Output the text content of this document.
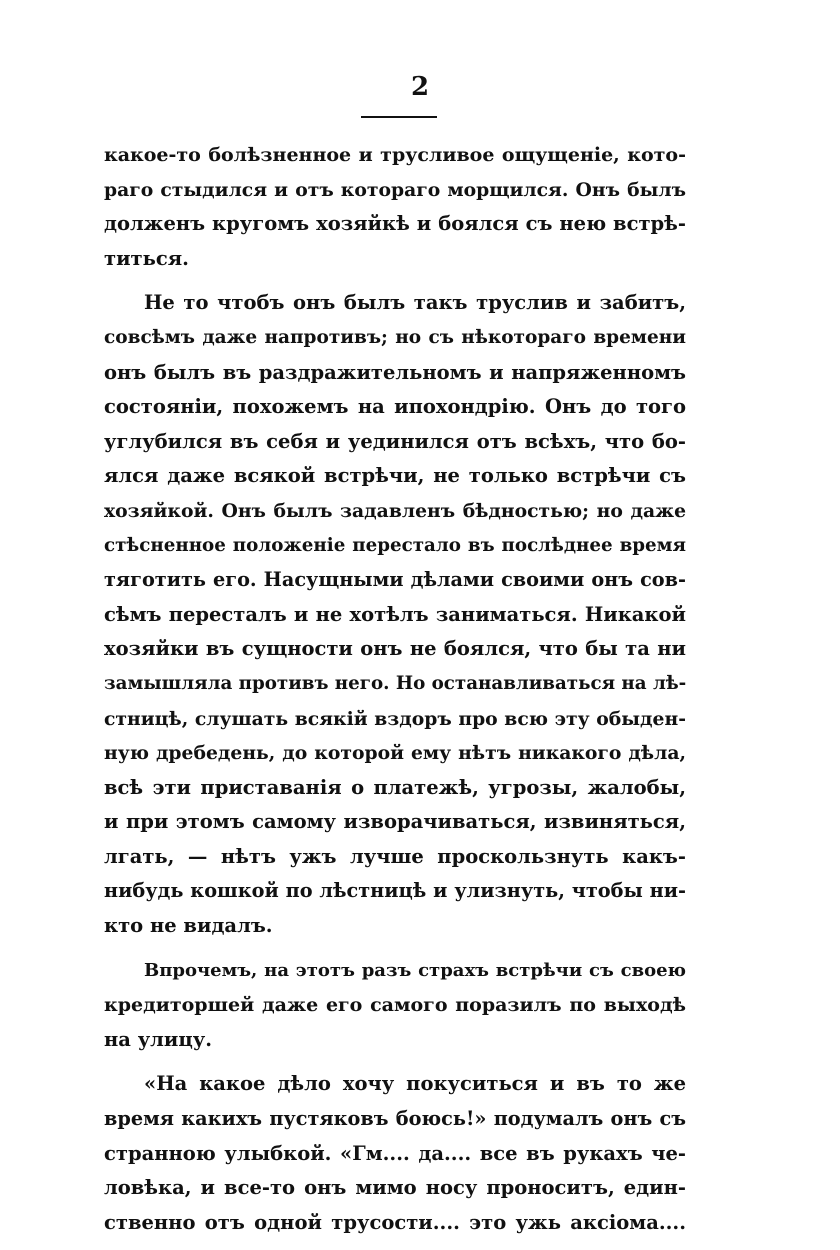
2
какое-то болѣзненное и трусливое ощущеніе, кото-
раго стыдился и отъ котораго морщился. Онъ былъ
долженъ кругомъ хозяйкѣ и боялся съ нею встрѣ-
титься.
Не то чтобъ онъ былъ такъ труслив и забитъ,
совсѣмъ даже напротивъ; но съ нѣкотораго времени
онъ былъ въ раздражительномъ и напряженномъ
состояніи, похожемъ на ипохондрію. Онъ до того
углубился въ себя и уединился отъ всѣхъ, что бо-
ялся даже всякой встрѣчи, не только встрѣчи съ
хозяйкой. Онъ былъ задавленъ бѣдностью; но даже
стѣсненное положеніе перестало въ послѣднее время
тяготить его. Насущными дѣлами своими онъ сов-
сѣмъ пересталъ и не хотѣлъ заниматься. Никакой
хозяйки въ сущности онъ не боялся, что бы та ни
замышляла противъ него. Но останавливаться на лѣ-
стницѣ, слушать всякій вздоръ про всю эту обыден-
ную дребедень, до которой ему нѣтъ никакого дѣла,
всѣ эти приставанія о платежѣ, угрозы, жалобы,
и при этомъ самому изворачиваться, извиняться,
лгать, — нѣтъ ужъ лучше проскользнуть какъ-
нибудь кошкой по лѣстницѣ и улизнуть, чтобы ни-
кто не видалъ.
Впрочемъ, на этотъ разъ страхъ встрѣчи съ своею
кредиторшей даже его самого поразилъ по выходѣ
на улицу.
«На какое дѣло хочу покуситься и въ то же
время какихъ пустяковъ боюсь!» подумалъ онъ съ
странною улыбкой. «Гм.... да.... все въ рукахъ че-
ловѣка, и все-то онъ мимо носу проноситъ, един-
ственно отъ одной трусости.... это ужь аксіома....
